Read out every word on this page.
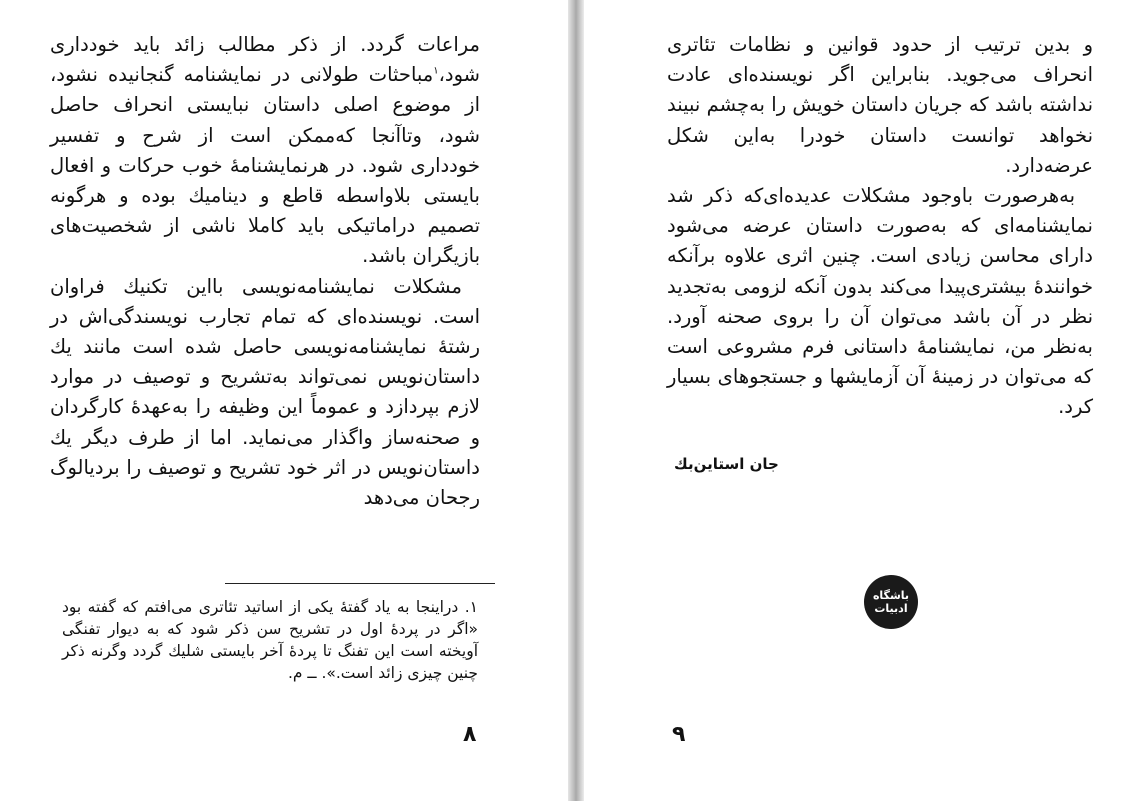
مراعات گردد. از ذکر مطالب زائد باید خودداری شود،$^۱$مباحثات طولانی در نمایشنامه گنجانیده نشود، از موضوع اصلی داستان نبایستی انحراف حاصل شود، وتاآنجا که‌ممکن است از شرح و تفسیر خودداری شود. در هرنمایشنامهٔ خوب حرکات و افعال بایستی بلاواسطه قاطع و دینامیك بوده و هرگونه تصمیم دراماتیکی باید کاملا ناشی از شخصیت‌های بازیگران باشد.

مشکلات نمایشنامه‌نویسی بااین تکنیك فراوان است. نویسنده‌ای که تمام تجارب نویسندگی‌اش در رشتهٔ نمایشنامه‌نویسی حاصل شده است مانند یك داستان‌نویس نمی‌تواند به‌تشریح و توصیف در موارد لازم بپردازد و عموماً این وظیفه را به‌عهدهٔ کارگردان و صحنه‌ساز واگذار می‌نماید. اما از طرف دیگر یك داستان‌نویس در اثر خود تشریح و توصیف را بردیالوگ رجحان می‌دهد

۱. دراینجا به یاد گفتهٔ یکی از اساتید تئاتری می‌افتم که گفته بود «اگر در پردهٔ اول در تشریح سن ذکر شود که به دیوار تفنگی آویخته است این تفنگ تا پردهٔ آخر بایستی شلیك گردد وگرنه ذکر چنین چیزی زائد است.». ــ م.

۸

و بدین ترتیب از حدود قوانین و نظامات تئاتری انحراف می‌جوید. بنابراین اگر نویسنده‌ای عادت نداشته باشد که جریان داستان خویش را به‌چشم نبیند نخواهد توانست داستان خودرا به‌این شکل عرضه‌دارد.

به‌هرصورت باوجود مشکلات عدیده‌ای‌که ذکر شد نمایشنامه‌ای که به‌صورت داستان عرضه می‌شود دارای محاسن زیادی است. چنین اثری علاوه برآنکه خوانندهٔ بیشتری‌پیدا می‌کند بدون آنکه لزومی به‌تجدید نظر در آن باشد می‌توان آن را بروی صحنه آورد. به‌نظر من، نمایشنامهٔ داستانی فرم مشروعی است که می‌توان در زمینهٔ آن آزمایشها و جستجوهای بسیار کرد.

جان استاین‌بك
باشگاه ادبیات
۹
